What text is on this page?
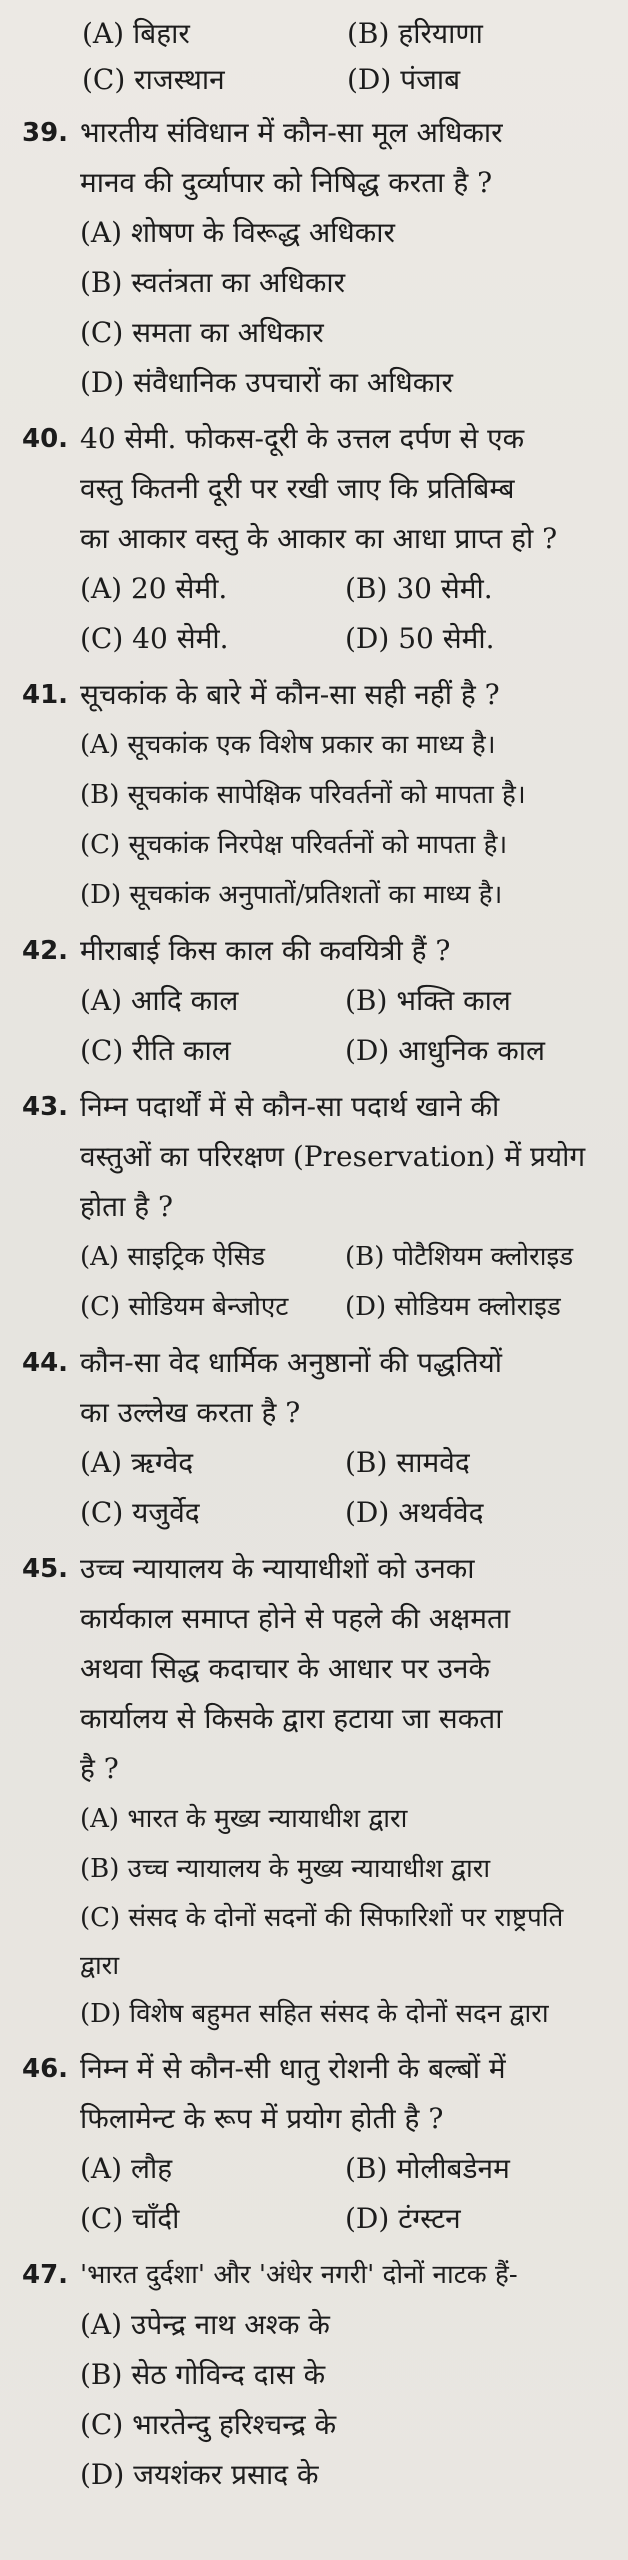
(A) बिहार	(B) हरियाणा
(C) राजस्थान	(D) पंजाब
39. भारतीय संविधान में कौन-सा मूल अधिकार
मानव की दुर्व्यापार को निषिद्ध करता है ?
(A) शोषण के विरूद्ध अधिकार
(B) स्वतंत्रता का अधिकार
(C) समता का अधिकार
(D) संवैधानिक उपचारों का अधिकार
40. 40 सेमी. फोकस-दूरी के उत्तल दर्पण से एक
वस्तु कितनी दूरी पर रखी जाए कि प्रतिबिम्ब
का आकार वस्तु के आकार का आधा प्राप्त हो ?
(A) 20 सेमी.	(B) 30 सेमी.
(C) 40 सेमी.	(D) 50 सेमी.
41. सूचकांक के बारे में कौन-सा सही नहीं है ?
(A) सूचकांक एक विशेष प्रकार का माध्य है।
(B) सूचकांक सापेक्षिक परिवर्तनों को मापता है।
(C) सूचकांक निरपेक्ष परिवर्तनों को मापता है।
(D) सूचकांक अनुपातों/प्रतिशतों का माध्य है।
42. मीराबाई किस काल की कवयित्री हैं ?
(A) आदि काल	(B) भक्ति काल
(C) रीति काल	(D) आधुनिक काल
43. निम्न पदार्थों में से कौन-सा पदार्थ खाने की
वस्तुओं का परिरक्षण (Preservation) में प्रयोग
होता है ?
(A) साइट्रिक ऐसिड	(B) पोटैशियम क्लोराइड
(C) सोडियम बेन्जोएट	(D) सोडियम क्लोराइड
44. कौन-सा वेद धार्मिक अनुष्ठानों की पद्धतियों
का उल्लेख करता है ?
(A) ऋग्वेद	(B) सामवेद
(C) यजुर्वेद	(D) अथर्ववेद
45. उच्च न्यायालय के न्यायाधीशों को उनका
कार्यकाल समाप्त होने से पहले की अक्षमता
अथवा सिद्ध कदाचार के आधार पर उनके
कार्यालय से किसके द्वारा हटाया जा सकता
है ?
(A) भारत के मुख्य न्यायाधीश द्वारा
(B) उच्च न्यायालय के मुख्य न्यायाधीश द्वारा
(C) संसद के दोनों सदनों की सिफारिशों पर राष्ट्रपति द्वारा
(D) विशेष बहुमत सहित संसद के दोनों सदन द्वारा
46. निम्न में से कौन-सी धातु रोशनी के बल्बों में
फिलामेन्ट के रूप में प्रयोग होती है ?
(A) लौह	(B) मोलीबडेनम
(C) चाँदी	(D) टंग्स्टन
47. 'भारत दुर्दशा' और 'अंधेर नगरी' दोनों नाटक हैं-
(A) उपेन्द्र नाथ अश्क के
(B) सेठ गोविन्द दास के
(C) भारतेन्दु हरिश्चन्द्र के
(D) जयशंकर प्रसाद के
